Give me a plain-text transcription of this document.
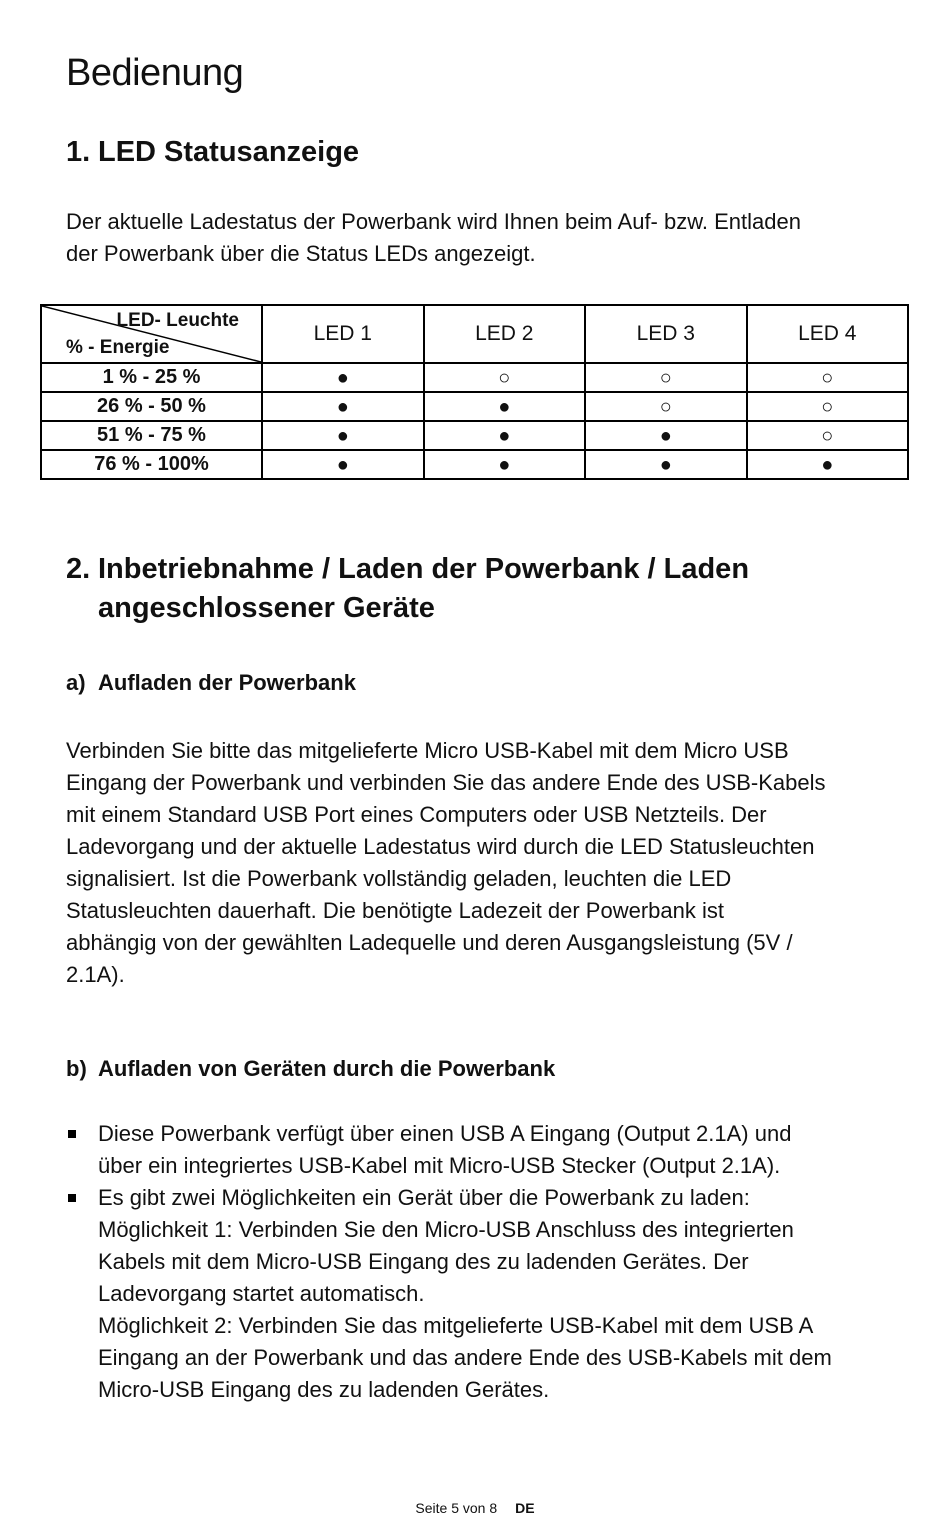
Bedienung
1. LED Statusanzeige
Der aktuelle Ladestatus der Powerbank wird Ihnen beim Auf- bzw. Entladen
der Powerbank über die Status LEDs angezeigt.
LED- Leuchte
% - Energie	LED 1	LED 2	LED 3	LED 4
1 % - 25 %	●	○	○	○
26 % - 50 %	●	●	○	○
51 % - 75 %	●	●	●	○
76 % - 100%	●	●	●	●
2. Inbetriebnahme / Laden der Powerbank / Laden
angeschlossener Geräte
a) Aufladen der Powerbank
Verbinden Sie bitte das mitgelieferte Micro USB-Kabel mit dem Micro USB
Eingang der Powerbank und verbinden Sie das andere Ende des USB-Kabels
mit einem Standard USB Port eines Computers oder USB Netzteils. Der
Ladevorgang und der aktuelle Ladestatus wird durch die LED Statusleuchten
signalisiert. Ist die Powerbank vollständig geladen, leuchten die LED
Statusleuchten dauerhaft. Die benötigte Ladezeit der Powerbank ist
abhängig von der gewählten Ladequelle und deren Ausgangsleistung (5V /
2.1A).
b) Aufladen von Geräten durch die Powerbank
Diese Powerbank verfügt über einen USB A Eingang (Output 2.1A) und
über ein integriertes USB-Kabel mit Micro-USB Stecker (Output 2.1A).
Es gibt zwei Möglichkeiten ein Gerät über die Powerbank zu laden:
Möglichkeit 1: Verbinden Sie den Micro-USB Anschluss des integrierten
Kabels mit dem Micro-USB Eingang des zu ladenden Gerätes. Der
Ladevorgang startet automatisch.
Möglichkeit 2: Verbinden Sie das mitgelieferte USB-Kabel mit dem USB A
Eingang an der Powerbank und das andere Ende des USB-Kabels mit dem
Micro-USB Eingang des zu ladenden Gerätes.
Seite 5 von 8 DE
